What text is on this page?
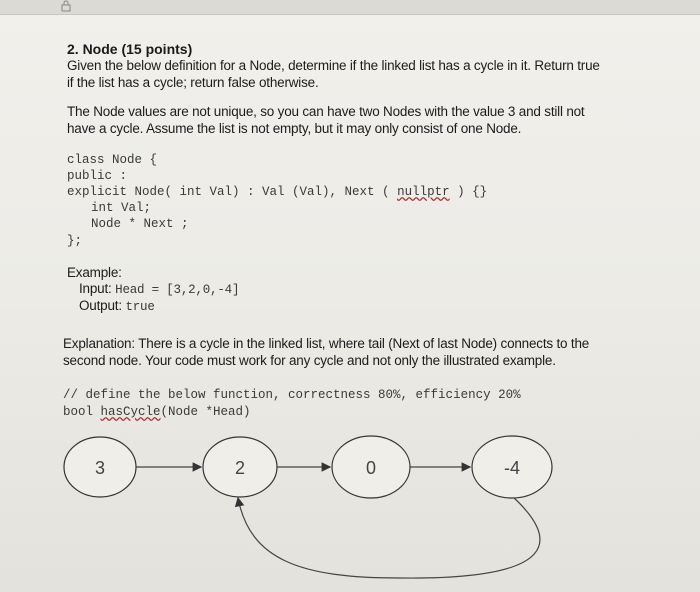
2. Node (15 points)
Given the below definition for a Node, determine if the linked list has a cycle in it. Return true
if the list has a cycle; return false otherwise.
The Node values are not unique, so you can have two Nodes with the value 3 and still not
have a cycle. Assume the list is not empty, but it may only consist of one Node.
class Node {
public :
explicit Node( int Val) : Val (Val), Next ( nullptr ) {}
int Val;
Node * Next ;
};
Example:
Input: Head = [3,2,0,-4]
Output: true
Explanation: There is a cycle in the linked list, where tail (Next of last Node) connects to the
second node. Your code must work for any cycle and not only the illustrated example.
// define the below function, correctness 80%, efficiency 20%
bool hasCycle(Node *Head)
3	2	0	-4
